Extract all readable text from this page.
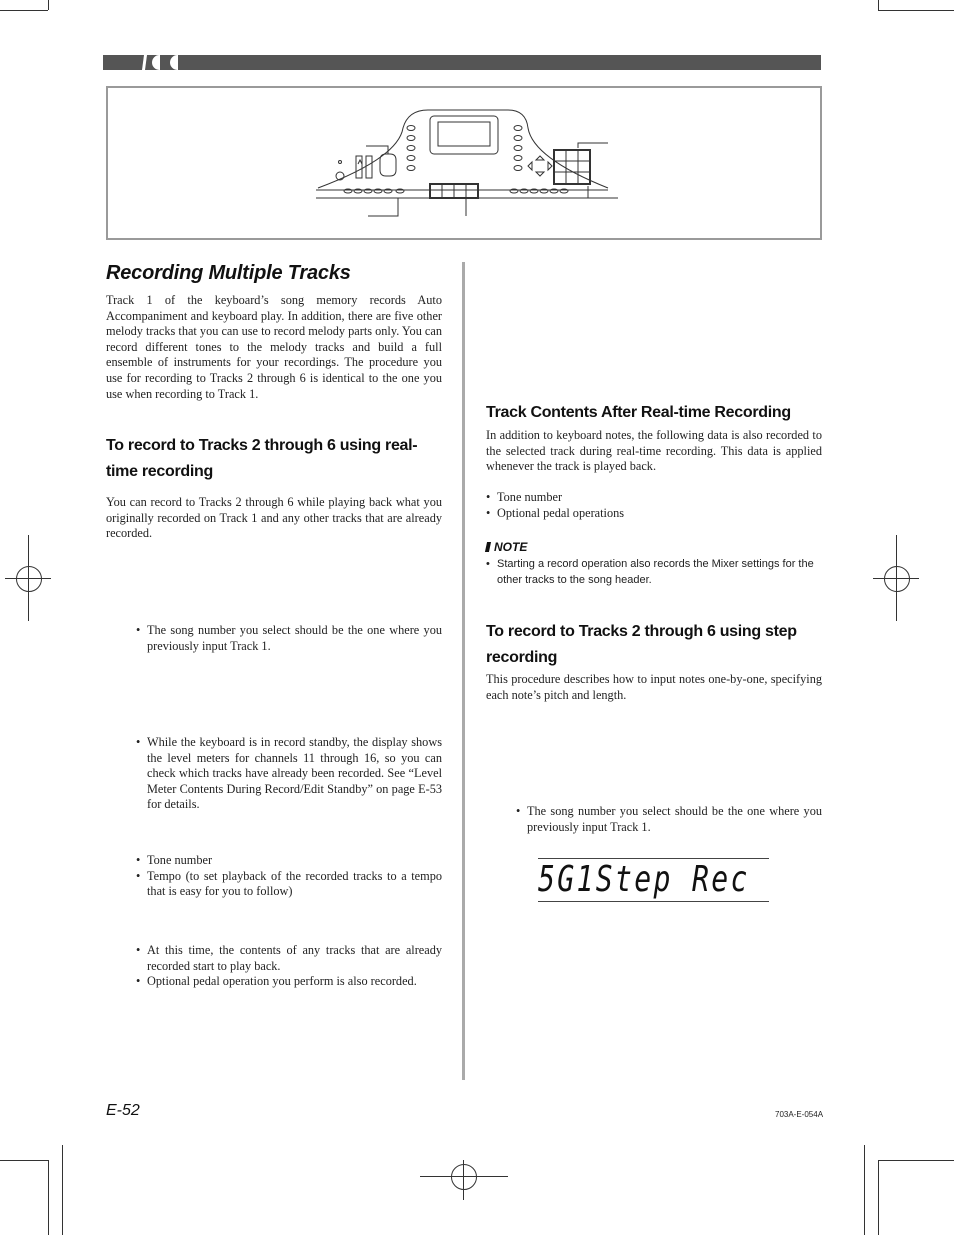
Recording Multiple Tracks

Track 1 of the keyboard’s song memory records Auto Accompaniment and keyboard play. In addition, there are five other melody tracks that you can use to record melody parts only. You can record different tones to the melody tracks and build a full ensemble of instruments for your recordings. The procedure you use for recording to Tracks 2 through 6 is identical to the one you use when recording to Track 1.

To record to Tracks 2 through 6 using real-time recording

You can record to Tracks 2 through 6 while playing back what you originally recorded on Track 1 and any other tracks that are already recorded.

• The song number you select should be the one where you previously input Track 1.
• While the keyboard is in record standby, the display shows the level meters for channels 11 through 16, so you can check which tracks have already been recorded. See “Level Meter Contents During Record/Edit Standby” on page E-53 for details.
• Tone number
• Tempo (to set playback of the recorded tracks to a tempo that is easy for you to follow)
• At this time, the contents of any tracks that are already recorded start to play back.
• Optional pedal operation you perform is also recorded.
Track Contents After Real-time Recording

In addition to keyboard notes, the following data is also recorded to the selected track during real-time recording. This data is applied whenever the track is played back.

• Tone number
• Optional pedal operations
NOTE
• Starting a record operation also records the Mixer settings for the other tracks to the song header.
To record to Tracks 2 through 6 using step recording

This procedure describes how to input notes one-by-one, specifying each note’s pitch and length.

• The song number you select should be the one where you previously input Track 1.
5G1Step Rec
E-52	703A-E-054A
